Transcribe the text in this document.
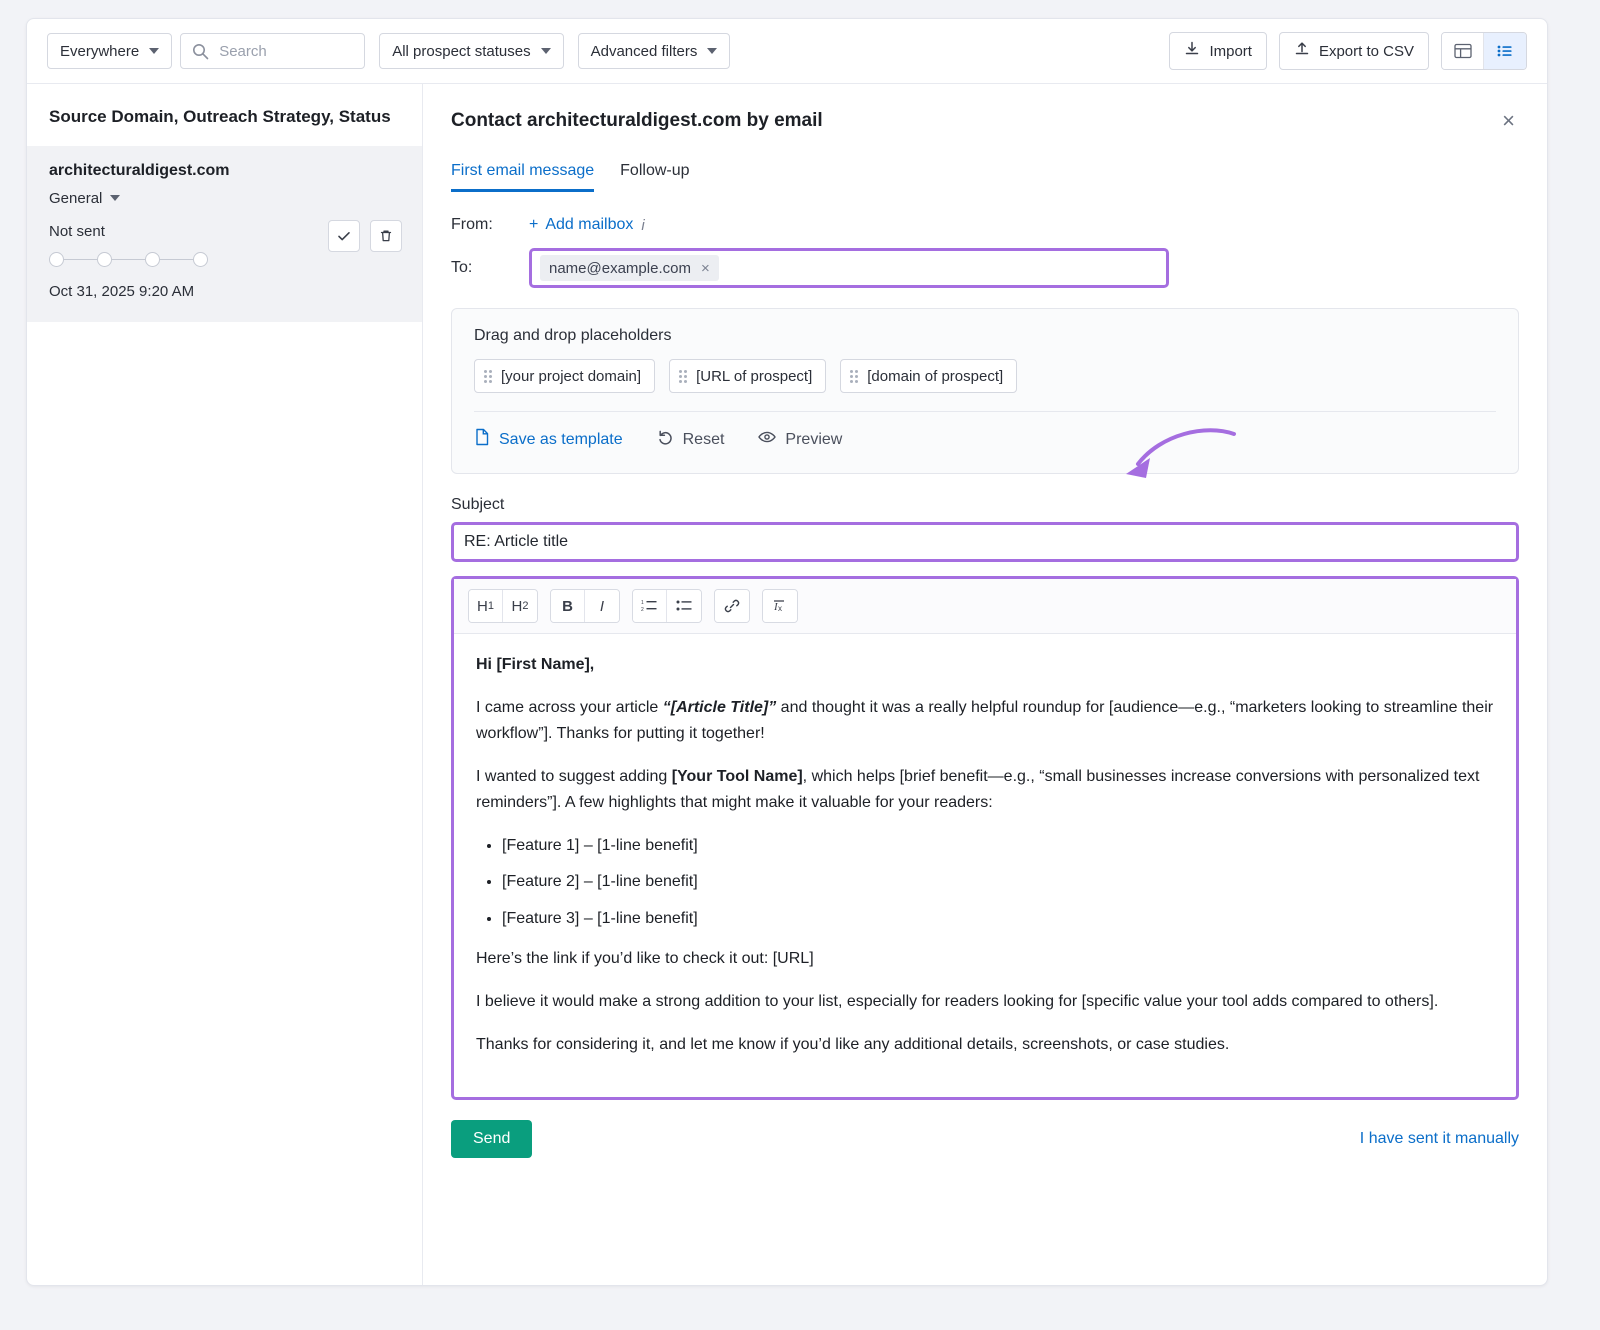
Everywhere
Search	All prospect statuses	Advanced filters	Import	Export to CSV
Source Domain, Outreach Strategy, Status
architecturaldigest.com
General
Not sent
Oct 31, 2025 9:20 AM
Contact architecturaldigest.com by email	×
First email message Follow-up
From:	+ Add mailbox i
To:	name@example.com ×
Drag and drop placeholders
[your project domain]	[URL of prospect]	[domain of prospect]
Save as template	Reset	Preview
Subject
RE: Article title
H 1	H 2 B I	1
2	I x

Hi [First Name],

I came across your article “[Article Title]” and thought it was a really helpful roundup for [audience—e.g., “marketers looking to streamline their workflow”]. Thanks for putting it together!

I wanted to suggest adding [Your Tool Name], which helps [brief benefit—e.g., “small businesses increase conversions with personalized text reminders”]. A few highlights that might make it valuable for your readers:

• [Feature 1] – [1-line benefit]
• [Feature 2] – [1-line benefit]
• [Feature 3] – [1-line benefit]

Here’s the link if you’d like to check it out: [URL]

I believe it would make a strong addition to your list, especially for readers looking for [specific value your tool adds compared to others].

Thanks for considering it, and let me know if you’d like any additional details, screenshots, or case studies.

Send	I have sent it manually
